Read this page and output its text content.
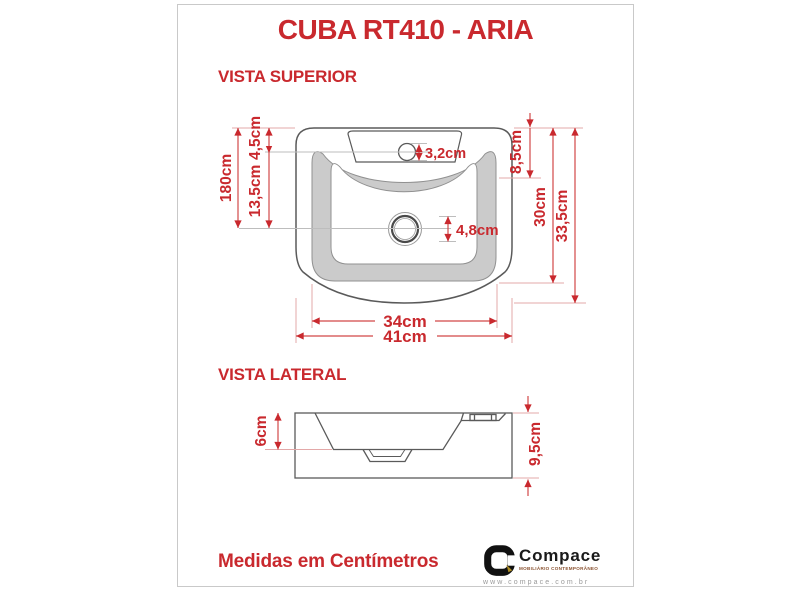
CUBA RT410 - ARIA
VISTA SUPERIOR
180cm
4,5cm
13,5cm
3,2cm
4,8cm
8,5cm
30cm 33,5cm
34cm
41cm
VISTA LATERAL
6cm	9,5cm
Medidas em Centímetros	Compace
MOBILIÁRIO CONTEMPORÂNEO
www.compace.com.br
